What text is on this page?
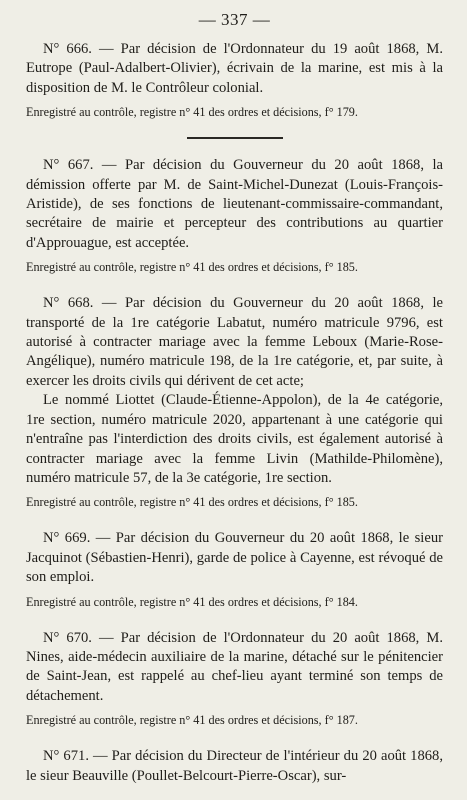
— 337 —

N° 666. — Par décision de l'Ordonnateur du 19 août 1868, M. Eutrope (Paul-Adalbert-Olivier), écrivain de la marine, est mis à la disposition de M. le Contrôleur colonial.

Enregistré au contrôle, registre n° 41 des ordres et décisions, f° 179.

N° 667. — Par décision du Gouverneur du 20 août 1868, la démission offerte par M. de Saint-Michel-Dunezat (Louis-François-Aristide), de ses fonctions de lieutenant-commissaire-commandant, secrétaire de mairie et percepteur des contributions au quartier d'Approuague, est acceptée.

Enregistré au contrôle, registre n° 41 des ordres et décisions, f° 185.

N° 668. — Par décision du Gouverneur du 20 août 1868, le transporté de la 1re catégorie Labatut, numéro matricule 9796, est autorisé à contracter mariage avec la femme Leboux (Marie-Rose-Angélique), numéro matricule 198, de la 1re catégorie, et, par suite, à exercer les droits civils qui dérivent de cet acte;

Le nommé Liottet (Claude-Étienne-Appolon), de la 4e catégorie, 1re section, numéro matricule 2020, appartenant à une catégorie qui n'entraîne pas l'interdiction des droits civils, est également autorisé à contracter mariage avec la femme Livin (Mathilde-Philomène), numéro matricule 57, de la 3e catégorie, 1re section.

Enregistré au contrôle, registre n° 41 des ordres et décisions, f° 185.

N° 669. — Par décision du Gouverneur du 20 août 1868, le sieur Jacquinot (Sébastien-Henri), garde de police à Cayenne, est révoqué de son emploi.

Enregistré au contrôle, registre n° 41 des ordres et décisions, f° 184.

N° 670. — Par décision de l'Ordonnateur du 20 août 1868, M. Nines, aide-médecin auxiliaire de la marine, détaché sur le pénitencier de Saint-Jean, est rappelé au chef-lieu ayant terminé son temps de détachement.

Enregistré au contrôle, registre n° 41 des ordres et décisions, f° 187.

N° 671. — Par décision du Directeur de l'intérieur du 20 août 1868, le sieur Beauville (Poullet-Belcourt-Pierre-Oscar), sur-
